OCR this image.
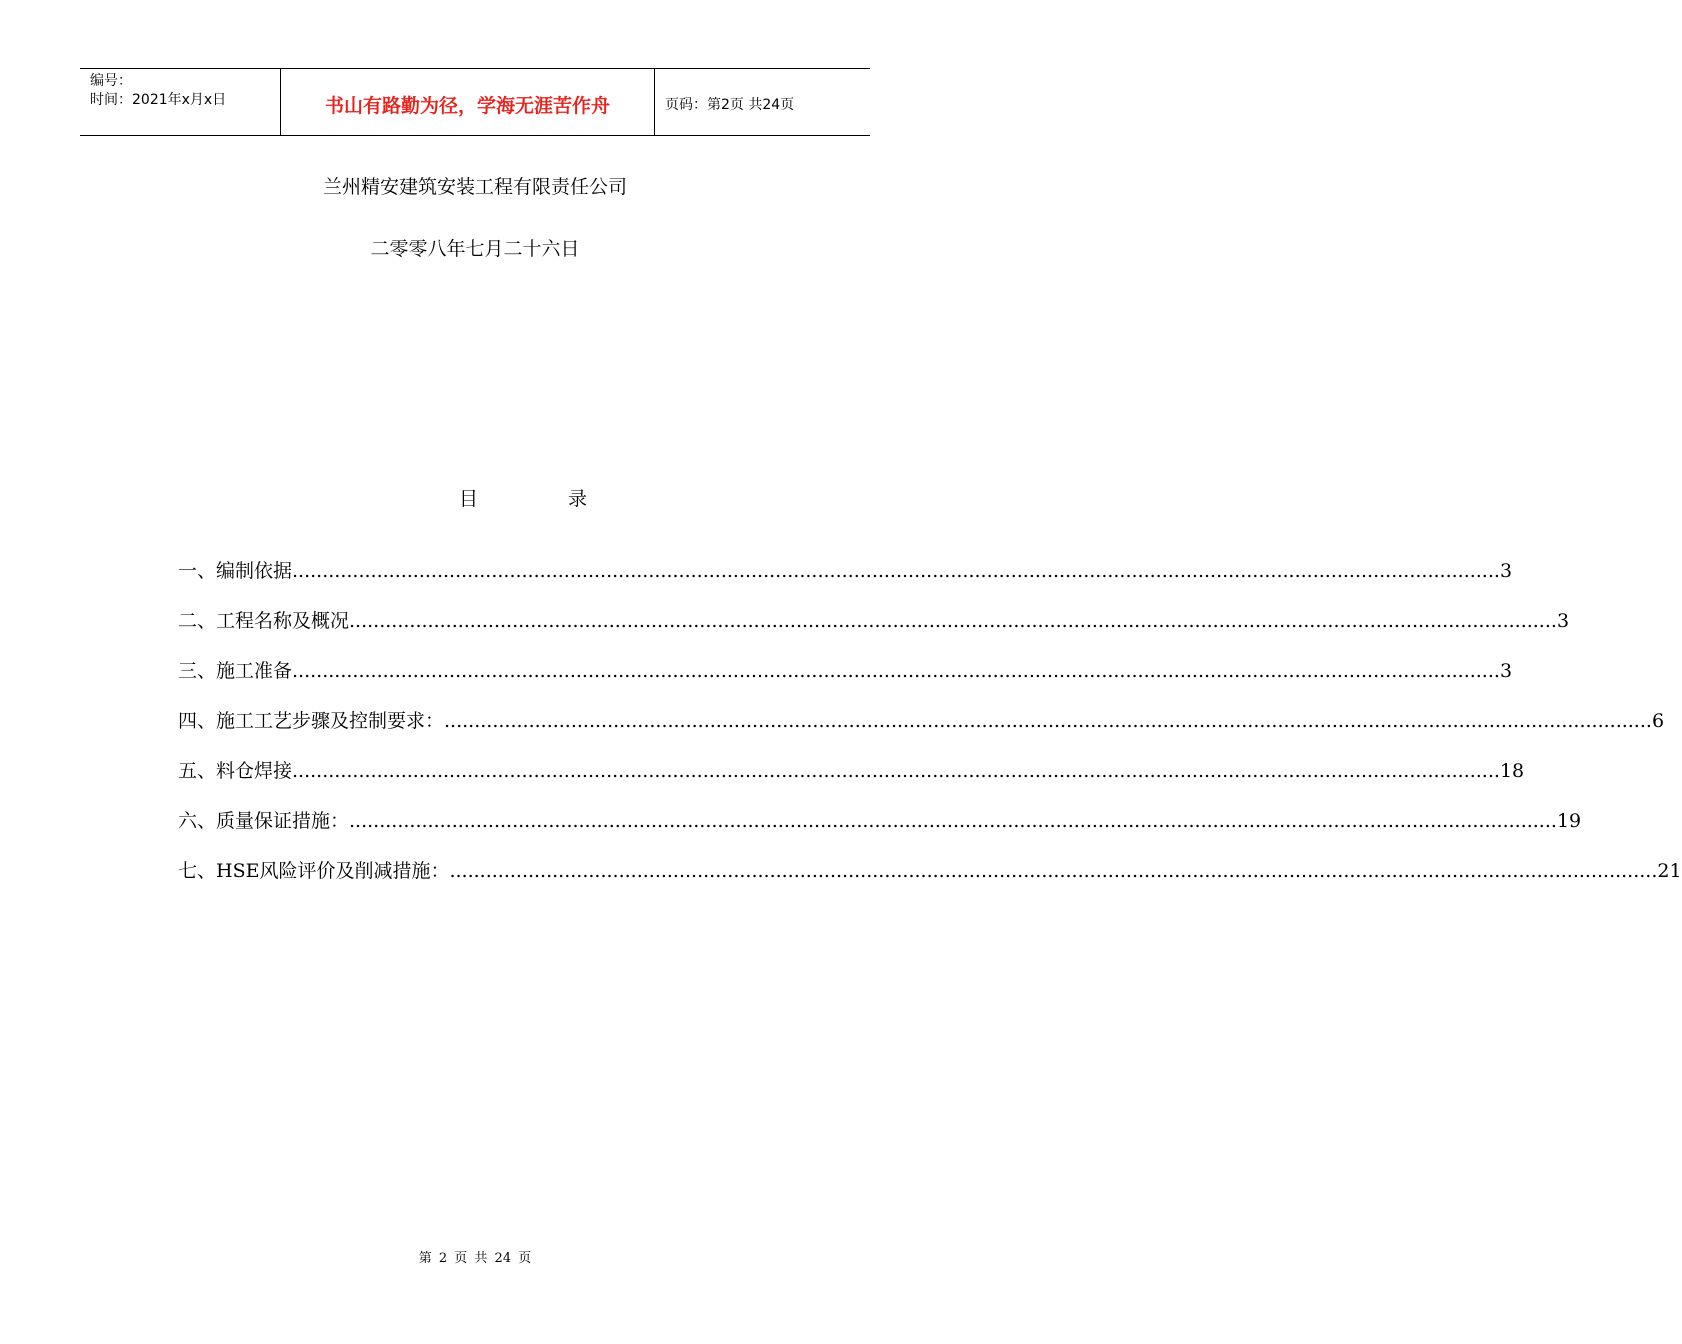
编号：
时间：2021年x月x日	书山有路勤为径，学海无涯苦作舟	页码：第2页 共24页
兰州精安建筑安装工程有限责任公司
二零零八年七月二十六日
目	录
一、编制依据 ........................................................................................................................................................................................................ 3
二、工程名称及概况 ........................................................................................................................................................................................................ 3
三、施工准备 ........................................................................................................................................................................................................ 3
四、施工工艺步骤及控制要求： ........................................................................................................................................................................................................ 6
五、料仓焊接 ........................................................................................................................................................................................................ 18
六、质量保证措施： ........................................................................................................................................................................................................ 19
七、HSE风险评价及削减措施： ........................................................................................................................................................................................................ 21
第 2 页 共 24 页
